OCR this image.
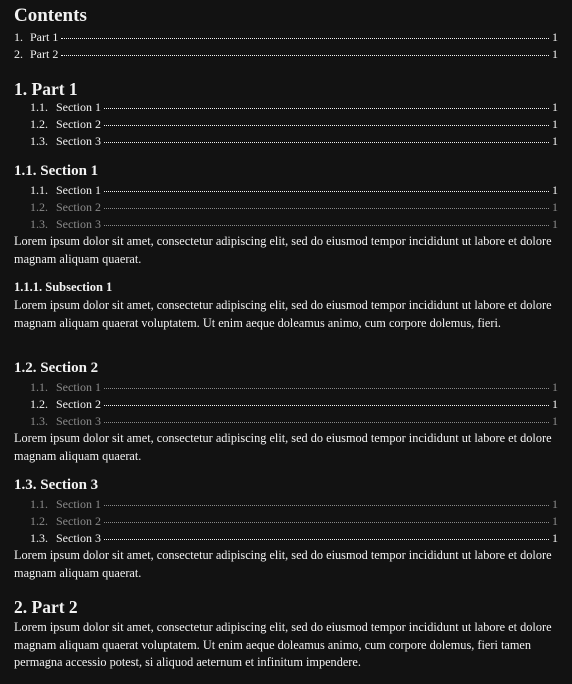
Contents
1. Part 1	1
2. Part 2	1
1. Part 1
1.1. Section 1	1
1.2. Section 2	1
1.3. Section 3	1
1.1. Section 1
1.1. Section 1	1
1.2. Section 2	1
1.3. Section 3	1

Lorem ipsum dolor sit amet, consectetur adipiscing elit, sed do eiusmod tempor incididunt ut labore et dolore magnam aliquam quaerat.

1.1.1. Subsection 1

Lorem ipsum dolor sit amet, consectetur adipiscing elit, sed do eiusmod tempor incididunt ut labore et dolore magnam aliquam quaerat voluptatem. Ut enim aeque doleamus animo, cum corpore dolemus, fieri.

1.2. Section 2
1.1. Section 1	1
1.2. Section 2	1
1.3. Section 3	1

Lorem ipsum dolor sit amet, consectetur adipiscing elit, sed do eiusmod tempor incididunt ut labore et dolore magnam aliquam quaerat.

1.3. Section 3
1.1. Section 1	1
1.2. Section 2	1
1.3. Section 3	1

Lorem ipsum dolor sit amet, consectetur adipiscing elit, sed do eiusmod tempor incididunt ut labore et dolore magnam aliquam quaerat.

2. Part 2

Lorem ipsum dolor sit amet, consectetur adipiscing elit, sed do eiusmod tempor incididunt ut labore et dolore magnam aliquam quaerat voluptatem. Ut enim aeque doleamus animo, cum corpore dolemus, fieri tamen permagna accessio potest, si aliquod aeternum et infinitum impendere.
